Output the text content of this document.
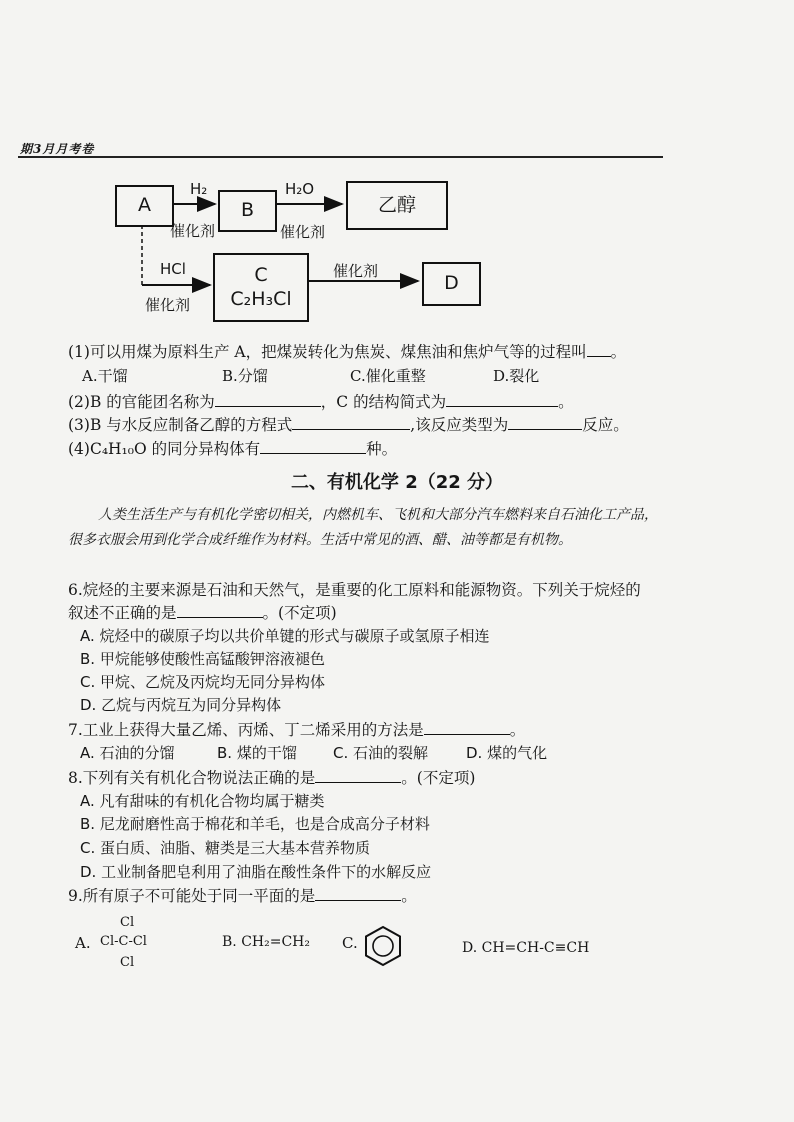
期3月月考卷
A	B	乙醇
C
C₂H₃Cl
D
H₂
催化剂
H₂O
催化剂
HCl
催化剂
催化剂
(1)可以用煤为原料生产 A，把煤炭转化为焦炭、煤焦油和焦炉气等的过程叫 。
A.干馏	B.分馏	C.催化重整	D.裂化
(2)B 的官能团名称为	，C 的结构简式为	。
(3)B 与水反应制备乙醇的方程式	,该反应类型为	反应。
(4)C₄H₁₀O 的同分异构体有	种。
二、有机化学 2（22 分）
人类生活生产与有机化学密切相关，内燃机车、飞机和大部分汽车燃料来自石油化工产品，很多衣服会用到化学合成纤维作为材料。生活中常见的酒、醋、油等都是有机物。
6.烷烃的主要来源是石油和天然气，是重要的化工原料和能源物资。下列关于烷烃的
叙述不正确的是	。(不定项)
A. 烷烃中的碳原子均以共价单键的形式与碳原子或氢原子相连
B. 甲烷能够使酸性高锰酸钾溶液褪色
C. 甲烷、乙烷及丙烷均无同分异构体
D. 乙烷与丙烷互为同分异构体
7.工业上获得大量乙烯、丙烯、丁二烯采用的方法是	。
A. 石油的分馏	B. 煤的干馏 C. 石油的裂解	D. 煤的气化
8.下列有关有机化合物说法正确的是	。(不定项)
A. 凡有甜味的有机化合物均属于糖类
B. 尼龙耐磨性高于棉花和羊毛，也是合成高分子材料
C. 蛋白质、油脂、糖类是三大基本营养物质
D. 工业制备肥皂利用了油脂在酸性条件下的水解反应
9.所有原子不可能处于同一平面的是	。
A.
Cl
Cl-C-Cl
Cl
B. CH₂=CH₂ C.	D. CH=CH-C≡CH
